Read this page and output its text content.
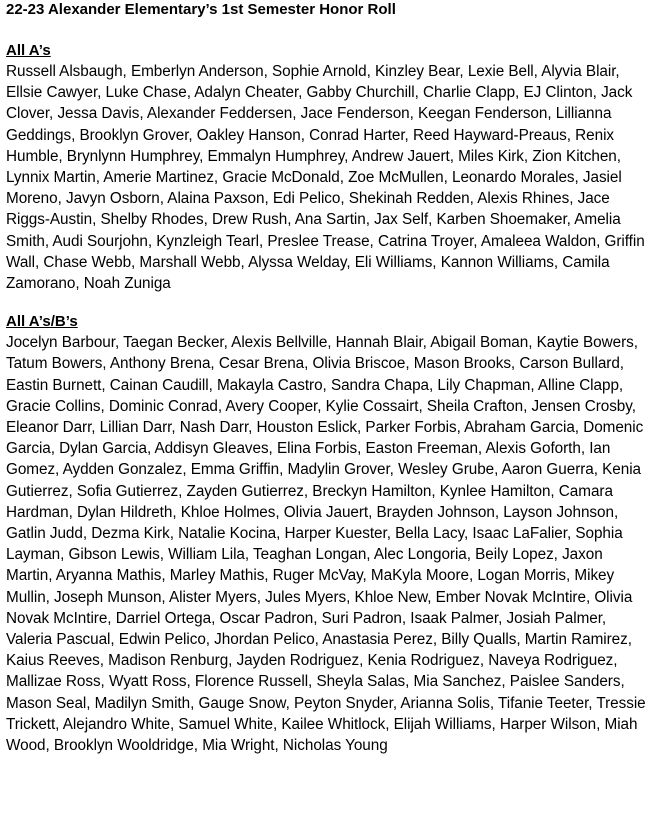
22-23 Alexander Elementary’s 1st Semester Honor Roll
All A’s

Russell Alsbaugh, Emberlyn Anderson, Sophie Arnold, Kinzley Bear, Lexie Bell, Alyvia Blair, Ellsie Cawyer, Luke Chase, Adalyn Cheater, Gabby Churchill, Charlie Clapp, EJ Clinton, Jack Clover, Jessa Davis, Alexander Feddersen, Jace Fenderson, Keegan Fenderson, Lillianna Geddings, Brooklyn Grover, Oakley Hanson, Conrad Harter, Reed Hayward-Preaus, Renix Humble, Brynlynn Humphrey, Emmalyn Humphrey, Andrew Jauert, Miles Kirk, Zion Kitchen, Lynnix Martin, Amerie Martinez, Gracie McDonald, Zoe McMullen, Leonardo Morales, Jasiel Moreno, Javyn Osborn, Alaina Paxson, Edi Pelico, Shekinah Redden, Alexis Rhines, Jace Riggs-Austin, Shelby Rhodes, Drew Rush, Ana Sartin, Jax Self, Karben Shoemaker, Amelia Smith, Audi Sourjohn, Kynzleigh Tearl, Preslee Trease, Catrina Troyer, Amaleea Waldon, Griffin Wall, Chase Webb, Marshall Webb, Alyssa Welday, Eli Williams, Kannon Williams, Camila Zamorano, Noah Zuniga

All A’s/B’s

Jocelyn Barbour, Taegan Becker, Alexis Bellville, Hannah Blair, Abigail Boman, Kaytie Bowers, Tatum Bowers, Anthony Brena, Cesar Brena, Olivia Briscoe, Mason Brooks, Carson Bullard, Eastin Burnett, Cainan Caudill, Makayla Castro, Sandra Chapa, Lily Chapman, Alline Clapp, Gracie Collins, Dominic Conrad, Avery Cooper, Kylie Cossairt, Sheila Crafton, Jensen Crosby, Eleanor Darr, Lillian Darr, Nash Darr, Houston Eslick, Parker Forbis, Abraham Garcia, Domenic Garcia, Dylan Garcia, Addisyn Gleaves, Elina Forbis, Easton Freeman, Alexis Goforth, Ian Gomez, Aydden Gonzalez, Emma Griffin, Madylin Grover, Wesley Grube, Aaron Guerra, Kenia Gutierrez, Sofia Gutierrez, Zayden Gutierrez, Breckyn Hamilton, Kynlee Hamilton, Camara Hardman, Dylan Hildreth, Khloe Holmes, Olivia Jauert, Brayden Johnson, Layson Johnson, Gatlin Judd, Dezma Kirk, Natalie Kocina, Harper Kuester, Bella Lacy, Isaac LaFalier, Sophia Layman, Gibson Lewis, William Lila, Teaghan Longan, Alec Longoria, Beily Lopez, Jaxon Martin, Aryanna Mathis, Marley Mathis, Ruger McVay, MaKyla Moore, Logan Morris, Mikey Mullin, Joseph Munson, Alister Myers, Jules Myers, Khloe New, Ember Novak McIntire, Olivia Novak McIntire, Darriel Ortega, Oscar Padron, Suri Padron, Isaak Palmer, Josiah Palmer, Valeria Pascual, Edwin Pelico, Jhordan Pelico, Anastasia Perez, Billy Qualls, Martin Ramirez, Kaius Reeves, Madison Renburg, Jayden Rodriguez, Kenia Rodriguez, Naveya Rodriguez, Mallizae Ross, Wyatt Ross, Florence Russell, Sheyla Salas, Mia Sanchez, Paislee Sanders, Mason Seal, Madilyn Smith, Gauge Snow, Peyton Snyder, Arianna Solis, Tifanie Teeter, Tressie Trickett, Alejandro White, Samuel White, Kailee Whitlock, Elijah Williams, Harper Wilson, Miah Wood, Brooklyn Wooldridge, Mia Wright, Nicholas Young
